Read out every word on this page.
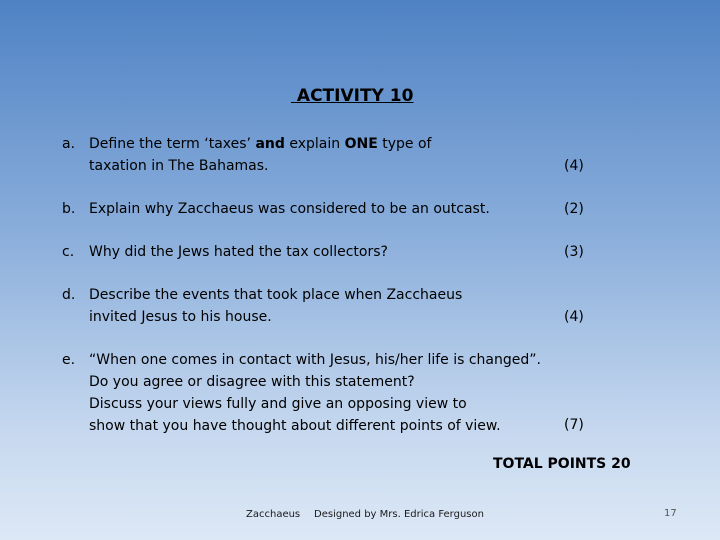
ACTIVITY 10
a. Define the term ‘taxes’ and explain ONE type of
taxation in The Bahamas.	(4)
b. Explain why Zacchaeus was considered to be an outcast.	(2)
c. Why did the Jews hated the tax collectors?	(3)
d. Describe the events that took place when Zacchaeus
invited Jesus to his house.	(4)
e. “When one comes in contact with Jesus, his/her life is changed”.
Do you agree or disagree with this statement?
Discuss your views fully and give an opposing view to
show that you have thought about different points of view.	(7)
TOTAL POINTS 20
Zacchaeus Designed by Mrs. Edrica Ferguson	17
